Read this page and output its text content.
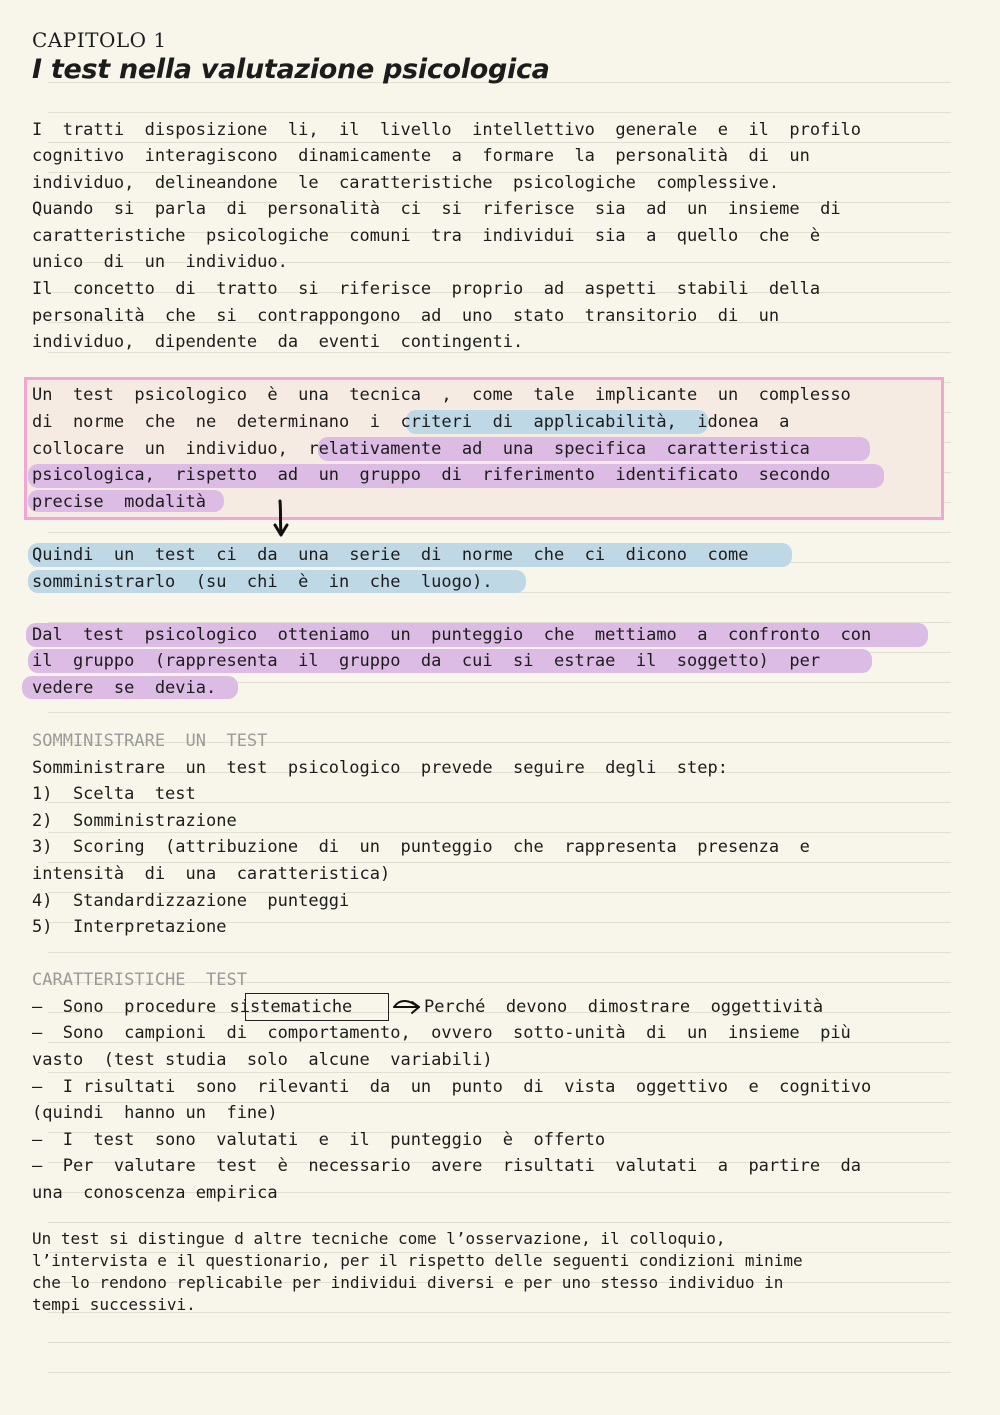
CAPITOLO 1
I test nella valutazione psicologica
I  tratti  disposizione  li,  il  livello  intellettivo  generale  e  il  profilo
cognitivo  interagiscono  dinamicamente  a  formare  la  personalità  di  un
individuo,  delineandone  le  caratteristiche  psicologiche  complessive.
Quando  si  parla  di  personalità  ci  si  riferisce  sia  ad  un  insieme  di
caratteristiche  psicologiche  comuni  tra  individui  sia  a  quello  che  è
unico  di  un  individuo.
Il  concetto  di  tratto  si  riferisce  proprio  ad  aspetti  stabili  della
personalità  che  si  contrappongono  ad  uno  stato  transitorio  di  un
individuo,  dipendente  da  eventi  contingenti.
Un  test  psicologico  è  una  tecnica  ,  come  tale  implicante  un  complesso
di  norme  che  ne  determinano  i  criteri  di  applicabilità,  idonea  a
collocare  un  individuo,  relativamente  ad  una  specifica  caratteristica
psicologica,  rispetto  ad  un  gruppo  di  riferimento  identificato  secondo
precise  modalità
Quindi  un  test  ci  da  una  serie  di  norme  che  ci  dicono  come
somministrarlo  (su  chi  è  in  che  luogo).
Dal  test  psicologico  otteniamo  un  punteggio  che  mettiamo  a  confronto  con
il  gruppo  (rappresenta  il  gruppo  da  cui  si  estrae  il  soggetto)  per
vedere  se  devia.
SOMMINISTRARE  UN  TEST
Somministrare  un  test  psicologico  prevede  seguire  degli  step:
1)  Scelta  test
2)  Somministrazione
3)  Scoring  (attribuzione  di  un  punteggio  che  rappresenta  presenza  e
intensità  di  una  caratteristica)
4)  Standardizzazione  punteggi
5)  Interpretazione
CARATTERISTICHE  TEST
–  Sono  procedure sistematiche	Perché  devono  dimostrare  oggettività
–  Sono  campioni  di  comportamento,  ovvero  sotto-unità  di  un  insieme  più
vasto  (test studia  solo  alcune  variabili)
–  I risultati  sono  rilevanti  da  un  punto  di  vista  oggettivo  e  cognitivo
(quindi  hanno un  fine)
–  I  test  sono  valutati  e  il  punteggio  è  offerto
–  Per  valutare  test  è  necessario  avere  risultati  valutati  a  partire  da
una  conoscenza empirica
Un test si distingue d altre tecniche come l’osservazione, il colloquio,
l’intervista e il questionario, per il rispetto delle seguenti condizioni minime
che lo rendono replicabile per individui diversi e per uno stesso individuo in
tempi successivi.
